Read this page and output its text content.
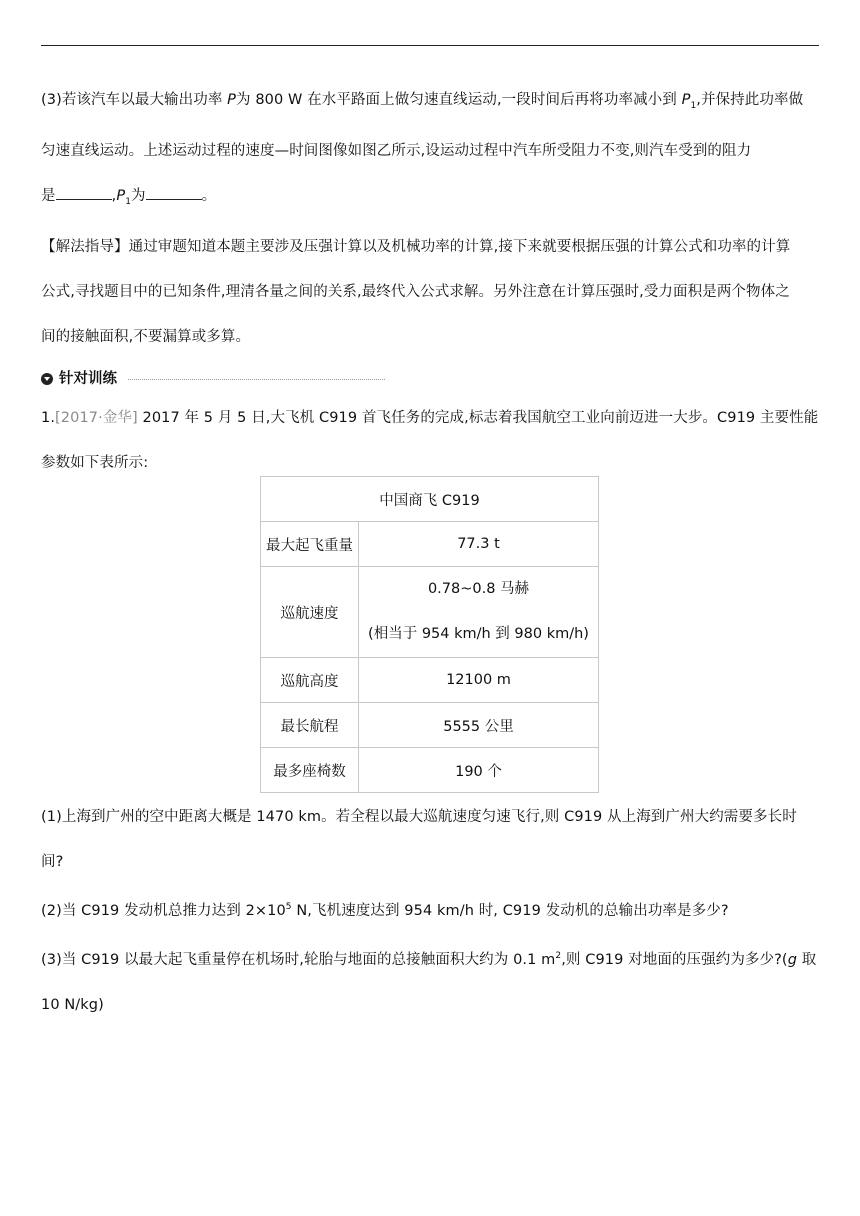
(3)若该汽车以最大输出功率 P为 800 W 在水平路面上做匀速直线运动,一段时间后再将功率减小到 $P_1$,并保持此功率做

匀速直线运动。上述运动过程的速度—时间图像如图乙所示,设运动过程中汽车所受阻力不变,则汽车受到的阻力

是	$,P_1$为	。

【解法指导】通过审题知道本题主要涉及压强计算以及机械功率的计算,接下来就要根据压强的计算公式和功率的计算

公式,寻找题目中的已知条件,理清各量之间的关系,最终代入公式求解。另外注意在计算压强时,受力面积是两个物体之

间的接触面积,不要漏算或多算。

针对训练

1.[2017·金华] 2017 年 5 月 5 日,大飞机 C919 首飞任务的完成,标志着我国航空工业向前迈进一大步。C919 主要性能

参数如下表所示:

中国商飞 C919	
最大起飞重量	77.3 t
巡航速度	0.78~0.8 马赫
(相当于 954 km/h 到 980 km/h)

巡航高度	12100 m
最长航程	5555 公里
最多座椅数	190 个

(1)上海到广州的空中距离大概是 1470 km。若全程以最大巡航速度匀速飞行,则 C919 从上海到广州大约需要多长时

间?

(2)当 C919 发动机总推力达到 $2\times 10^5$ N,飞机速度达到 954 km/h 时, C919 发动机的总输出功率是多少?

(3)当 C919 以最大起飞重量停在机场时,轮胎与地面的总接触面积大约为 0.1 $m^2$,则 C919 对地面的压强约为多少?(g 取

10 N/kg)
